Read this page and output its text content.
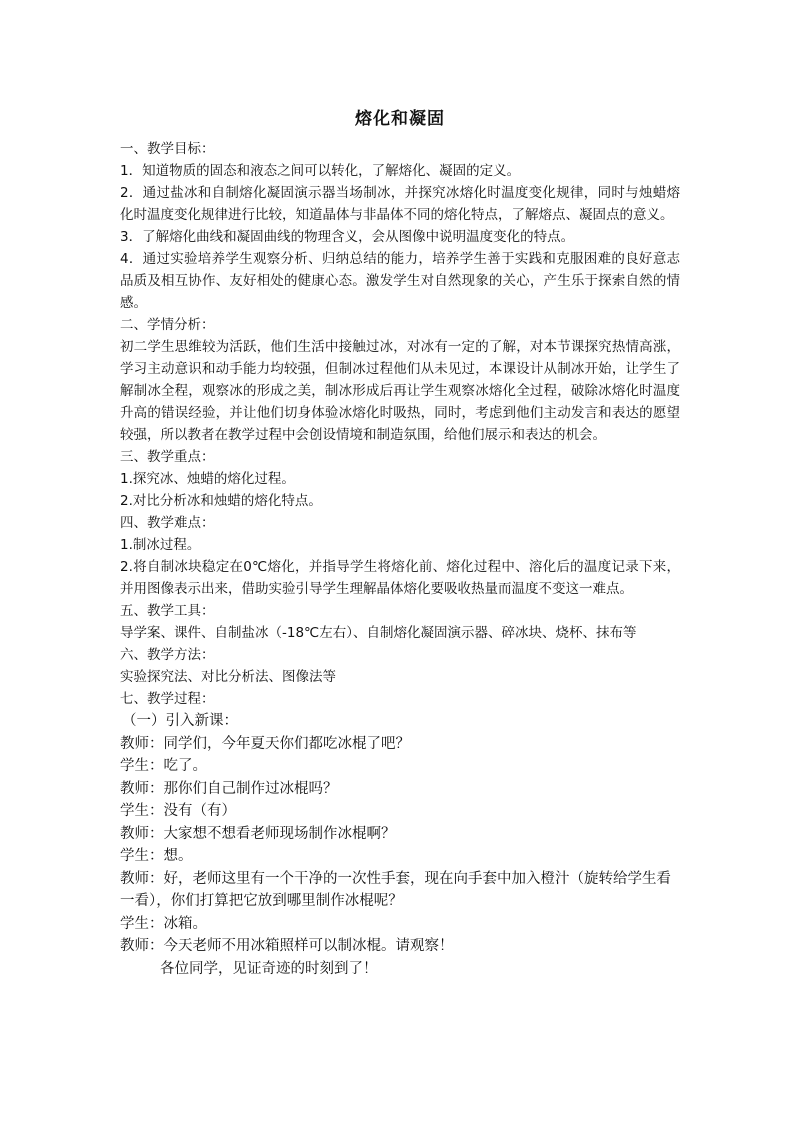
熔化和凝固

一、教学目标：

1．知道物质的固态和液态之间可以转化，了解熔化、凝固的定义。

2．通过盐冰和自制熔化凝固演示器当场制冰，并探究冰熔化时温度变化规律，同时与烛蜡熔化时温度变化规律进行比较，知道晶体与非晶体不同的熔化特点，了解熔点、凝固点的意义。

3．了解熔化曲线和凝固曲线的物理含义，会从图像中说明温度变化的特点。

4．通过实验培养学生观察分析、归纳总结的能力，培养学生善于实践和克服困难的良好意志品质及相互协作、友好相处的健康心态。激发学生对自然现象的关心，产生乐于探索自然的情感。

二、学情分析：

初二学生思维较为活跃，他们生活中接触过冰，对冰有一定的了解，对本节课探究热情高涨，学习主动意识和动手能力均较强，但制冰过程他们从未见过，本课设计从制冰开始，让学生了解制冰全程，观察冰的形成之美，制冰形成后再让学生观察冰熔化全过程，破除冰熔化时温度升高的错误经验，并让他们切身体验冰熔化时吸热，同时，考虑到他们主动发言和表达的愿望较强，所以教者在教学过程中会创设情境和制造氛围，给他们展示和表达的机会。

三、教学重点：

1.探究冰、烛蜡的熔化过程。

2.对比分析冰和烛蜡的熔化特点。

四、教学难点：

1.制冰过程。

2.将自制冰块稳定在0℃熔化，并指导学生将熔化前、熔化过程中、溶化后的温度记录下来，并用图像表示出来，借助实验引导学生理解晶体熔化要吸收热量而温度不变这一难点。

五、教学工具：

导学案、课件、自制盐冰（-18℃左右）、自制熔化凝固演示器、碎冰块、烧杯、抹布等

六、教学方法：

实验探究法、对比分析法、图像法等

七、教学过程：

（一）引入新课：

教师：同学们，今年夏天你们都吃冰棍了吧？

学生：吃了。

教师：那你们自己制作过冰棍吗？

学生：没有（有）

教师：大家想不想看老师现场制作冰棍啊？

学生：想。

教师：好，老师这里有一个干净的一次性手套，现在向手套中加入橙汁（旋转给学生看一看），你们打算把它放到哪里制作冰棍呢？

学生：冰箱。

教师：今天老师不用冰箱照样可以制冰棍。请观察！

各位同学，见证奇迹的时刻到了！
